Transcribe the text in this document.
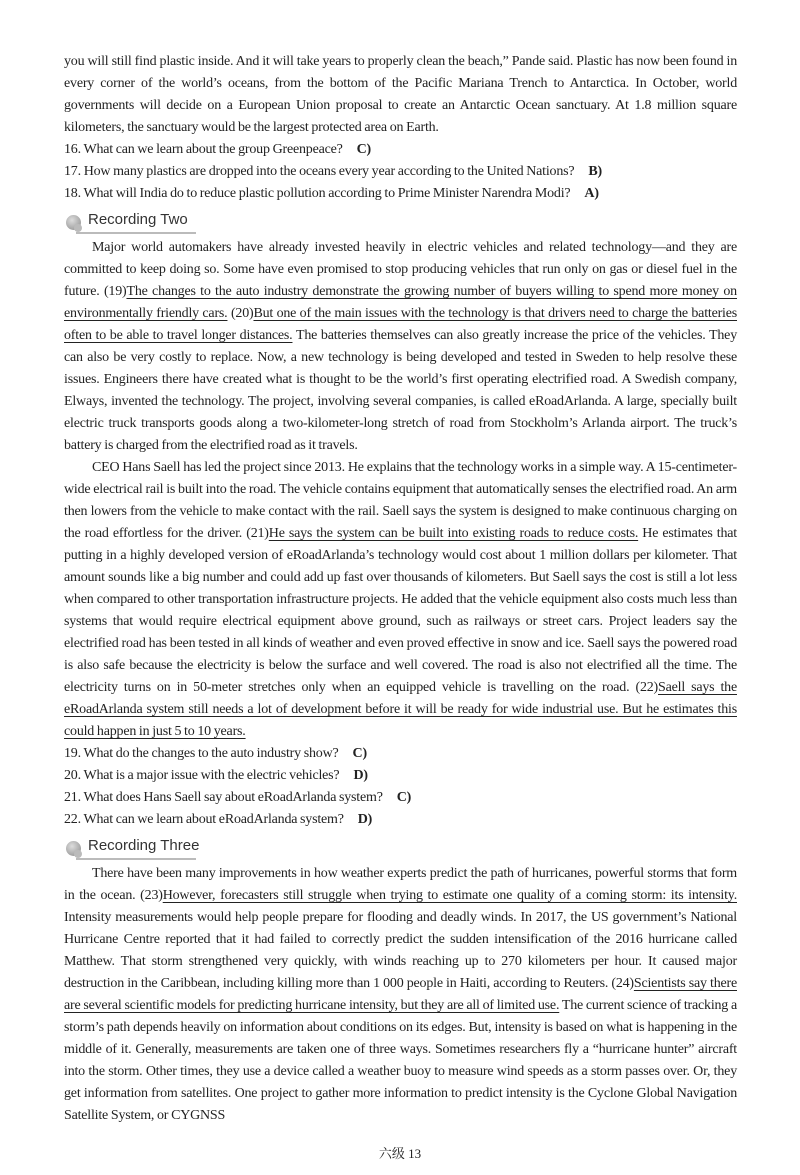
you will still find plastic inside. And it will take years to properly clean the beach,” Pande said. Plastic has now been found in every corner of the world’s oceans, from the bottom of the Pacific Mariana Trench to Antarctica. In October, world governments will decide on a European Union proposal to create an Antarctic Ocean sanctuary. At 1.8 million square kilometers, the sanctuary would be the largest protected area on Earth.

16. What can we learn about the group Greenpeace? C)

17. How many plastics are dropped into the oceans every year according to the United Nations? B)

18. What will India do to reduce plastic pollution according to Prime Minister Narendra Modi? A)

Recording Two

Major world automakers have already invested heavily in electric vehicles and related technology—and they are committed to keep doing so. Some have even promised to stop producing vehicles that run only on gas or diesel fuel in the future. (19)The changes to the auto industry demonstrate the growing number of buyers willing to spend more money on environmentally friendly cars. (20)But one of the main issues with the technology is that drivers need to charge the batteries often to be able to travel longer distances. The batteries themselves can also greatly increase the price of the vehicles. They can also be very costly to replace. Now, a new technology is being developed and tested in Sweden to help resolve these issues. Engineers there have created what is thought to be the world’s first operating electrified road. A Swedish company, Elways, invented the technology. The project, involving several companies, is called eRoadArlanda. A large, specially built electric truck transports goods along a two-kilometer-long stretch of road from Stockholm’s Arlanda airport. The truck’s battery is charged from the electrified road as it travels.

CEO Hans Saell has led the project since 2013. He explains that the technology works in a simple way. A 15-centimeter-wide electrical rail is built into the road. The vehicle contains equipment that automatically senses the electrified road. An arm then lowers from the vehicle to make contact with the rail. Saell says the system is designed to make continuous charging on the road effortless for the driver. (21)He says the system can be built into existing roads to reduce costs. He estimates that putting in a highly developed version of eRoadArlanda’s technology would cost about 1 million dollars per kilometer. That amount sounds like a big number and could add up fast over thousands of kilometers. But Saell says the cost is still a lot less when compared to other transportation infrastructure projects. He added that the vehicle equipment also costs much less than systems that would require electrical equipment above ground, such as railways or street cars. Project leaders say the electrified road has been tested in all kinds of weather and even proved effective in snow and ice. Saell says the powered road is also safe because the electricity is below the surface and well covered. The road is also not electrified all the time. The electricity turns on in 50-meter stretches only when an equipped vehicle is travelling on the road. (22)Saell says the eRoadArlanda system still needs a lot of development before it will be ready for wide industrial use. But he estimates this could happen in just 5 to 10 years.

19. What do the changes to the auto industry show? C)

20. What is a major issue with the electric vehicles? D)

21. What does Hans Saell say about eRoadArlanda system? C)

22. What can we learn about eRoadArlanda system? D)

Recording Three

There have been many improvements in how weather experts predict the path of hurricanes, powerful storms that form in the ocean. (23)However, forecasters still struggle when trying to estimate one quality of a coming storm: its intensity. Intensity measurements would help people prepare for flooding and deadly winds. In 2017, the US government’s National Hurricane Centre reported that it had failed to correctly predict the sudden intensification of the 2016 hurricane called Matthew. That storm strengthened very quickly, with winds reaching up to 270 kilometers per hour. It caused major destruction in the Caribbean, including killing more than 1 000 people in Haiti, according to Reuters. (24)Scientists say there are several scientific models for predicting hurricane intensity, but they are all of limited use. The current science of tracking a storm’s path depends heavily on information about conditions on its edges. But, intensity is based on what is happening in the middle of it. Generally, measurements are taken one of three ways. Sometimes researchers fly a “hurricane hunter” aircraft into the storm. Other times, they use a device called a weather buoy to measure wind speeds as a storm passes over. Or, they get information from satellites. One project to gather more information to predict intensity is the Cyclone Global Navigation Satellite System, or CYGNSS

六级 13
